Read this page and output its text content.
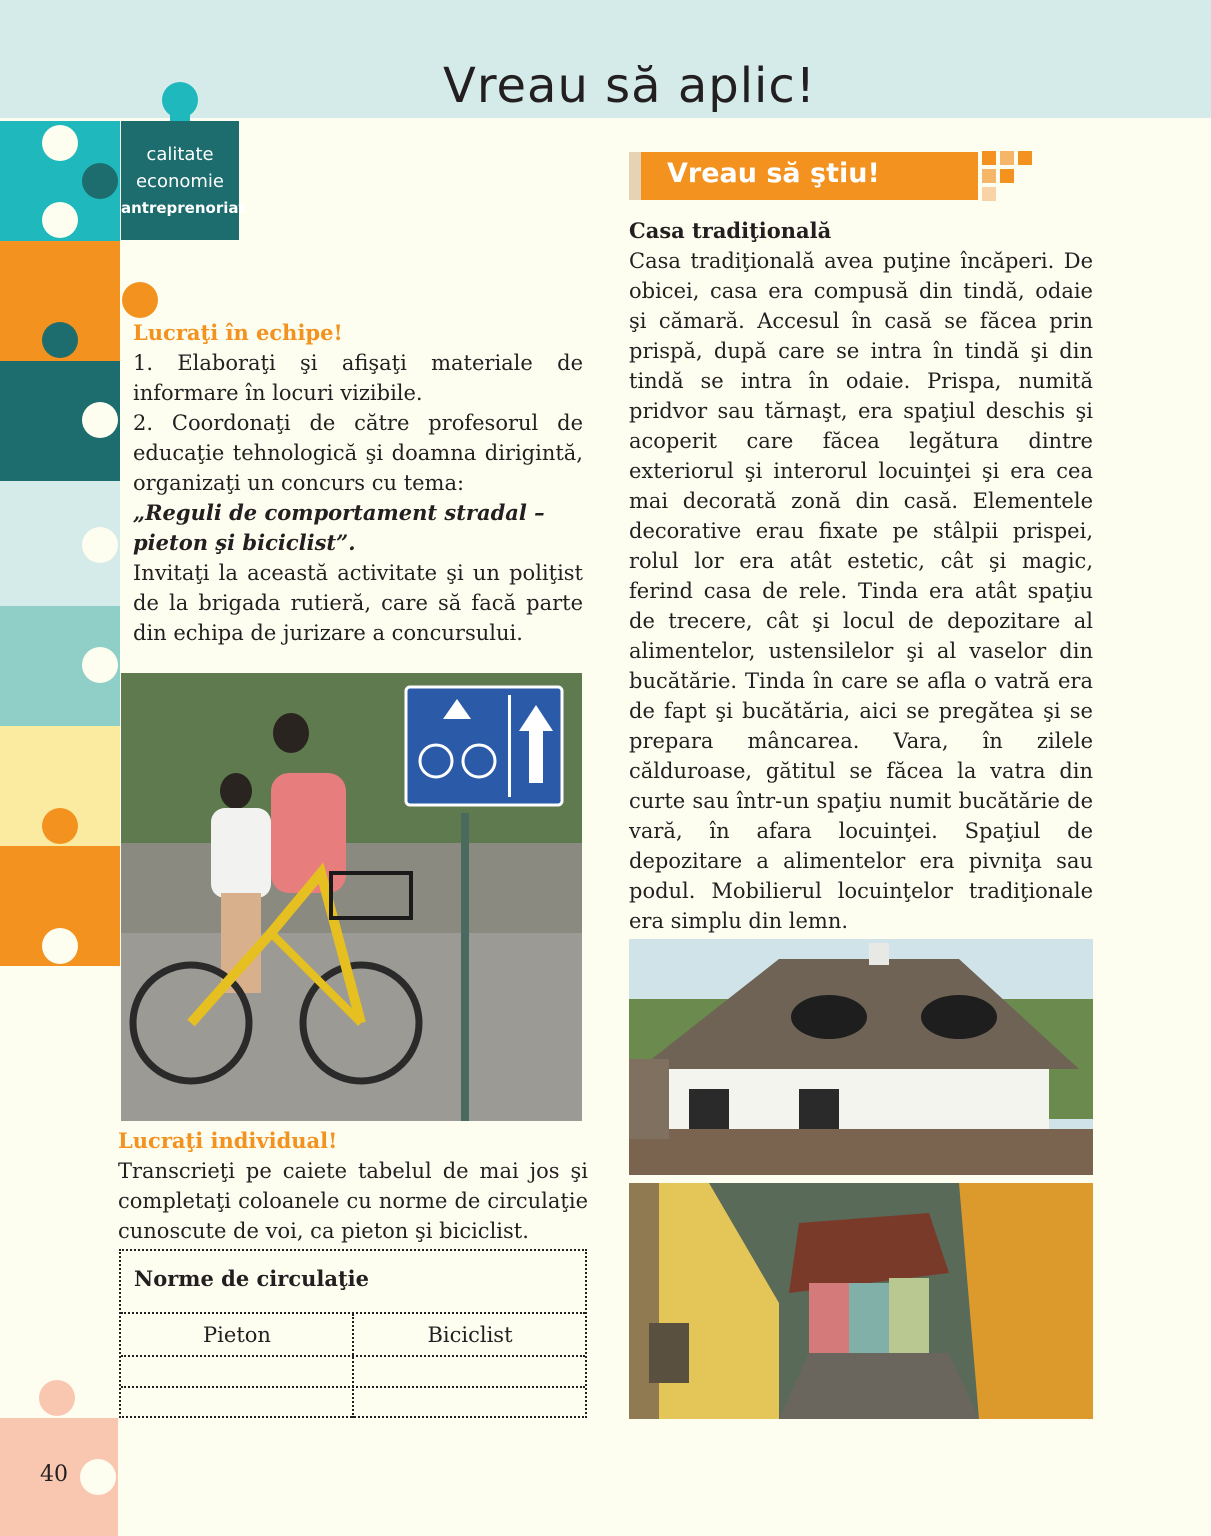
Vreau să aplic!
calitate
economie
antreprenoriat
Lucraţi în echipe!
1. Elaboraţi şi afişaţi materiale de informare în locuri vizibile.
2. Coordonaţi de către profesorul de educaţie tehnologică şi doamna dirigintă, organizaţi un concurs cu tema:
„Reguli de comportament stradal – pieton şi biciclist”.
Invitaţi la această activitate şi un poliţist de la brigada rutieră, care să facă parte din echipa de jurizare a concursului.
Lucraţi individual!
Transcrieţi pe caiete tabelul de mai jos şi completaţi coloanele cu norme de circulaţie cunoscute de voi, ca pieton şi biciclist.
Norme de circulaţie
Pieton	Biciclist
Vreau să ştiu!
Casa tradiţională
Casa tradiţională avea puţine încăperi. De obicei, casa era compusă din tindă, odaie şi cămară. Accesul în casă se făcea prin prispă, după care se intra în tindă şi din tindă se intra în odaie. Prispa, numită pridvor sau tărnaşt, era spaţiul deschis şi acoperit care făcea legătura dintre exteriorul şi interorul locuinţei şi era cea mai decorată zonă din casă. Elementele decorative erau fixate pe stâlpii prispei, rolul lor era atât estetic, cât şi magic, ferind casa de rele. Tinda era atât spaţiu de trecere, cât şi locul de depozitare al alimentelor, ustensilelor şi al vaselor din bucătărie. Tinda în care se afla o vatră era de fapt şi bucătăria, aici se pregătea şi se prepara mâncarea. Vara, în zilele călduroase, gătitul se făcea la vatra din curte sau într-un spaţiu numit bucătărie de vară, în afara locuinţei. Spaţiul de depozitare a alimentelor era pivniţa sau podul. Mobilierul locuinţelor tradiţionale era simplu din lemn.
40
